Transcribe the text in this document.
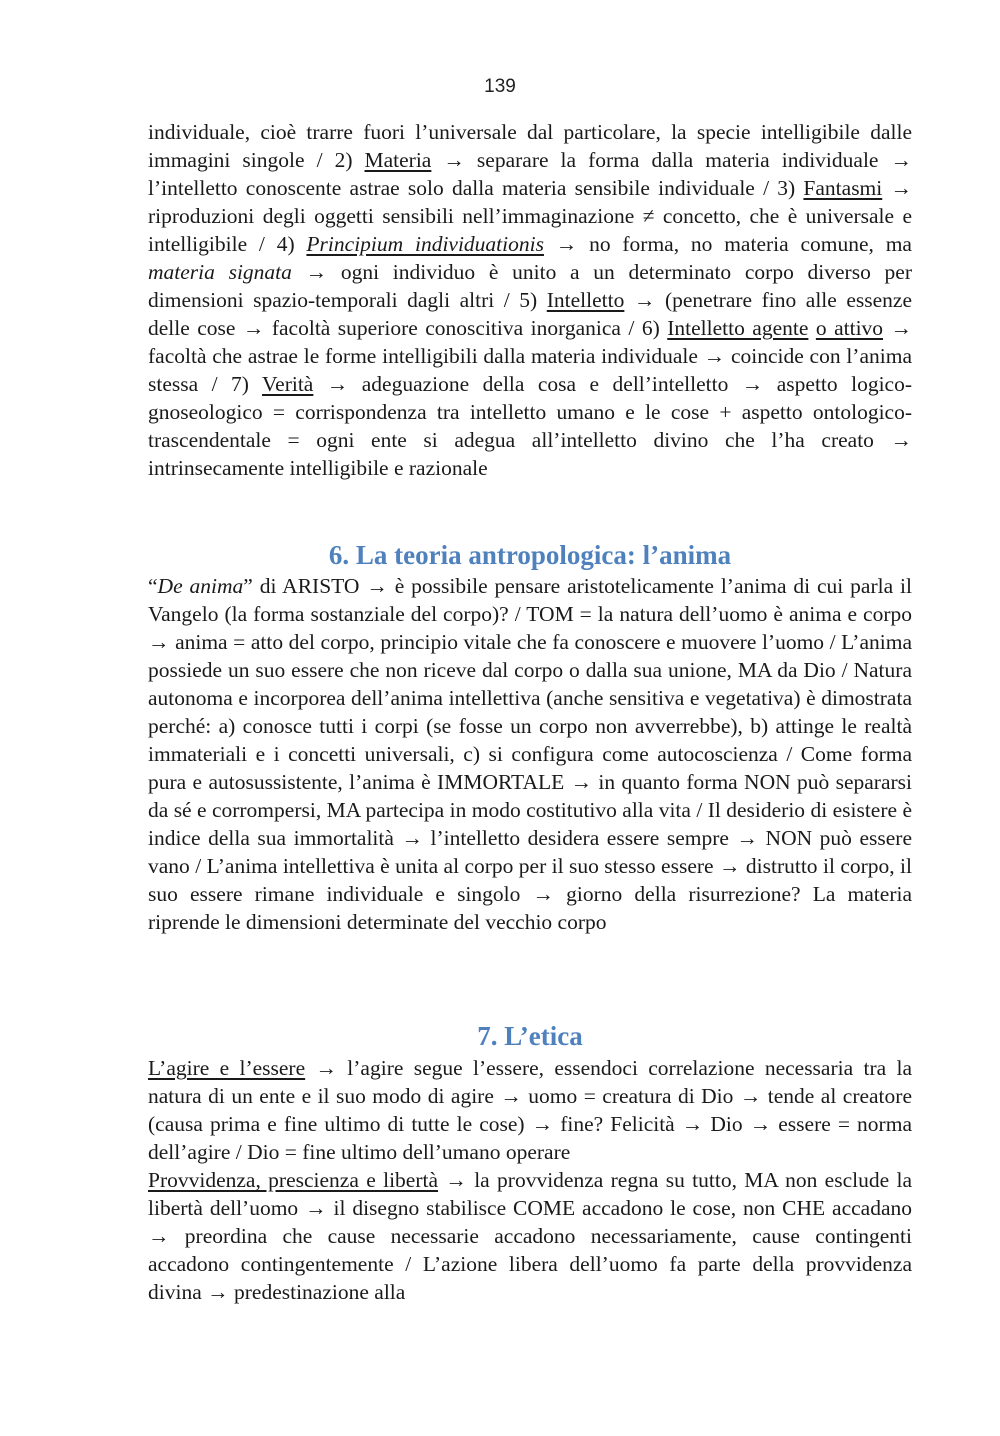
139

individuale, cioè trarre fuori l’universale dal particolare, la specie intelligibile dalle immagini singole / 2) Materia → separare la forma dalla materia individuale → l’intelletto conoscente astrae solo dalla materia sensibile individuale / 3) Fantasmi → riproduzioni degli oggetti sensibili nell’immaginazione ≠ concetto, che è universale e intelligibile / 4) Principium individuationis → no forma, no materia comune, ma materia signata → ogni individuo è unito a un determinato corpo diverso per dimensioni spazio-temporali dagli altri / 5) Intelletto → (penetrare fino alle essenze delle cose → facoltà superiore conoscitiva inorganica / 6) Intelletto agente o attivo → facoltà che astrae le forme intelligibili dalla materia individuale → coincide con l’anima stessa / 7) Verità → adeguazione della cosa e dell’intelletto → aspetto logico-gnoseologico = corrispondenza tra intelletto umano e le cose + aspetto ontologico-trascendentale = ogni ente si adegua all’intelletto divino che l’ha creato → intrinsecamente intelligibile e razionale

6. La teoria antropologica: l’anima

“De anima” di ARISTO → è possibile pensare aristotelicamente l’anima di cui parla il Vangelo (la forma sostanziale del corpo)? / TOM = la natura dell’uomo è anima e corpo → anima = atto del corpo, principio vitale che fa conoscere e muovere l’uomo / L’anima possiede un suo essere che non riceve dal corpo o dalla sua unione, MA da Dio / Natura autonoma e incorporea dell’anima intellettiva (anche sensitiva e vegetativa) è dimostrata perché: a) conosce tutti i corpi (se fosse un corpo non avverrebbe), b) attinge le realtà immateriali e i concetti universali, c) si configura come autocoscienza / Come forma pura e autosussistente, l’anima è IMMORTALE → in quanto forma NON può separarsi da sé e corrompersi, MA partecipa in modo costitutivo alla vita / Il desiderio di esistere è indice della sua immortalità → l’intelletto desidera essere sempre → NON può essere vano / L’anima intellettiva è unita al corpo per il suo stesso essere → distrutto il corpo, il suo essere rimane individuale e singolo → giorno della risurrezione? La materia riprende le dimensioni determinate del vecchio corpo

7. L’etica

L’agire e l’essere → l’agire segue l’essere, essendoci correlazione necessaria tra la natura di un ente e il suo modo di agire → uomo = creatura di Dio → tende al creatore (causa prima e fine ultimo di tutte le cose) → fine? Felicità → Dio → essere = norma dell’agire / Dio = fine ultimo dell’umano operare

Provvidenza, prescienza e libertà → la provvidenza regna su tutto, MA non esclude la libertà dell’uomo → il disegno stabilisce COME accadono le cose, non CHE accadano → preordina che cause necessarie accadono necessariamente, cause contingenti accadono contingentemente / L’azione libera dell’uomo fa parte della provvidenza divina → predestinazione alla
